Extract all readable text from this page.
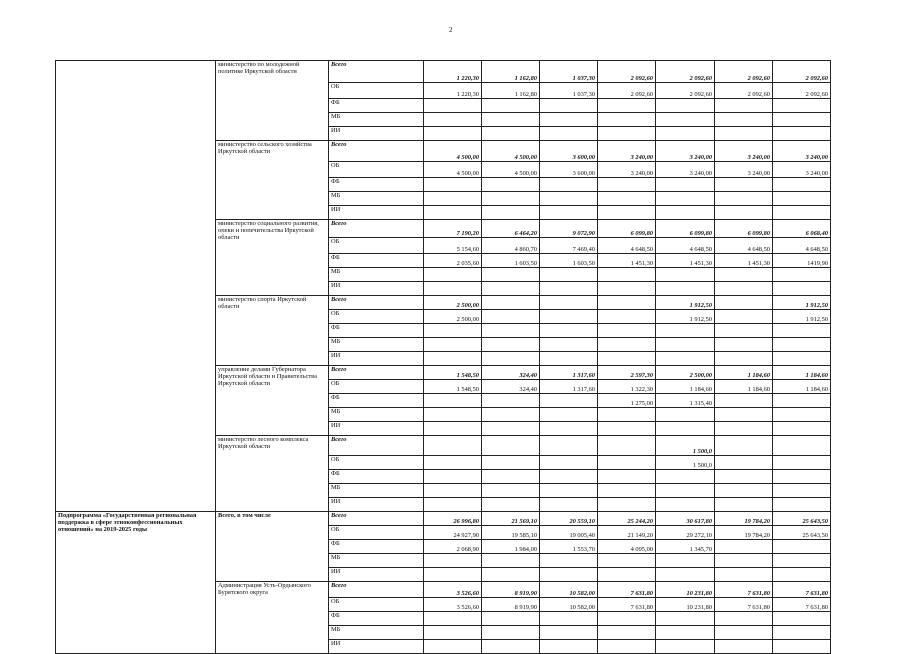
2
	министерство по молодежной политике Иркутской области	Всего	1 220,30	1 162,80	1 037,30	2 092,60	2 092,60	2 092,60	2 092,60
		ОБ	1 220,30	1 162,80	1 037,30	2 092,60	2 092,60	2 092,60	2 092,60
		ФБ							
		МБ							
		ИИ							
	министерство сельского хозяйства Иркутской области	Всего	4 500,00	4 500,00	3 600,00	3 240,00	3 240,00	3 240,00	3 240,00
		ОБ	4 500,00	4 500,00	3 600,00	3 240,00	3 240,00	3 240,00	3 240,00
		ФБ							
		МБ							
		ИИ							
	министерство социального развития, опеки и попечительства Иркутской области	Всего	7 190,20	6 464,20	9 072,90	6 099,80	6 099,80	6 099,80	6 068,40
		ОБ	5 154,60	4 860,70	7 469,40	4 648,50	4 648,50	4 648,50	4 648,50
		ФБ	2 035,60	1 603,50	1 603,50	1 451,30	1 451,30	1 451,30	1419,90
		МБ							
		ИИ							
	министерство спорта Иркутской области	Всего	2 500,00				1 912,50		1 912,50
		ОБ	2 500,00				1 912,50		1 912,50
		ФБ							
		МБ							
		ИИ							
	управление делами Губернатора Иркутской области и Правительства Иркутской области	Всего	1 548,50	324,40	1 317,60	2 597,30	2 500,00	1 184,60	1 184,60
		ОБ	1 548,50	324,40	1 317,60	1 322,30	1 184,60	1 184,60	1 184,60
		ФБ				1 275,00	1 315,40		
		МБ							
		ИИ							
	министерство лесного комплекса Иркутской области	Всего					1 500,0		
		ОБ					1 500,0		
		ФБ							
		МБ							
		ИИ							
Подпрограмма «Государственная региональная поддержка в сфере этноконфессиональных отношений» на 2019-2025 годы	Всего, в том числе	Всего	26 996,80	21 569,10	20 559,10	25 244,20	30 617,80	19 784,20	25 643,50
		ОБ	24 927,90	19 585,10	19 005,40	21 149,20	29 272,10	19 784,20	25 643,50
		ФБ	2 068,90	1 984,00	1 553,70	4 095,00	1 345,70		
		МБ							
		ИИ							
	Администрация Усть-Ордынского Бурятского округа	Всего	3 526,60	8 919,90	10 582,00	7 631,80	10 231,80	7 631,80	7 631,80
		ОБ	3 526,60	8 919,90	10 582,00	7 631,80	10 231,80	7 631,80	7 631,80
		ФБ							
		МБ							
		ИИ							
